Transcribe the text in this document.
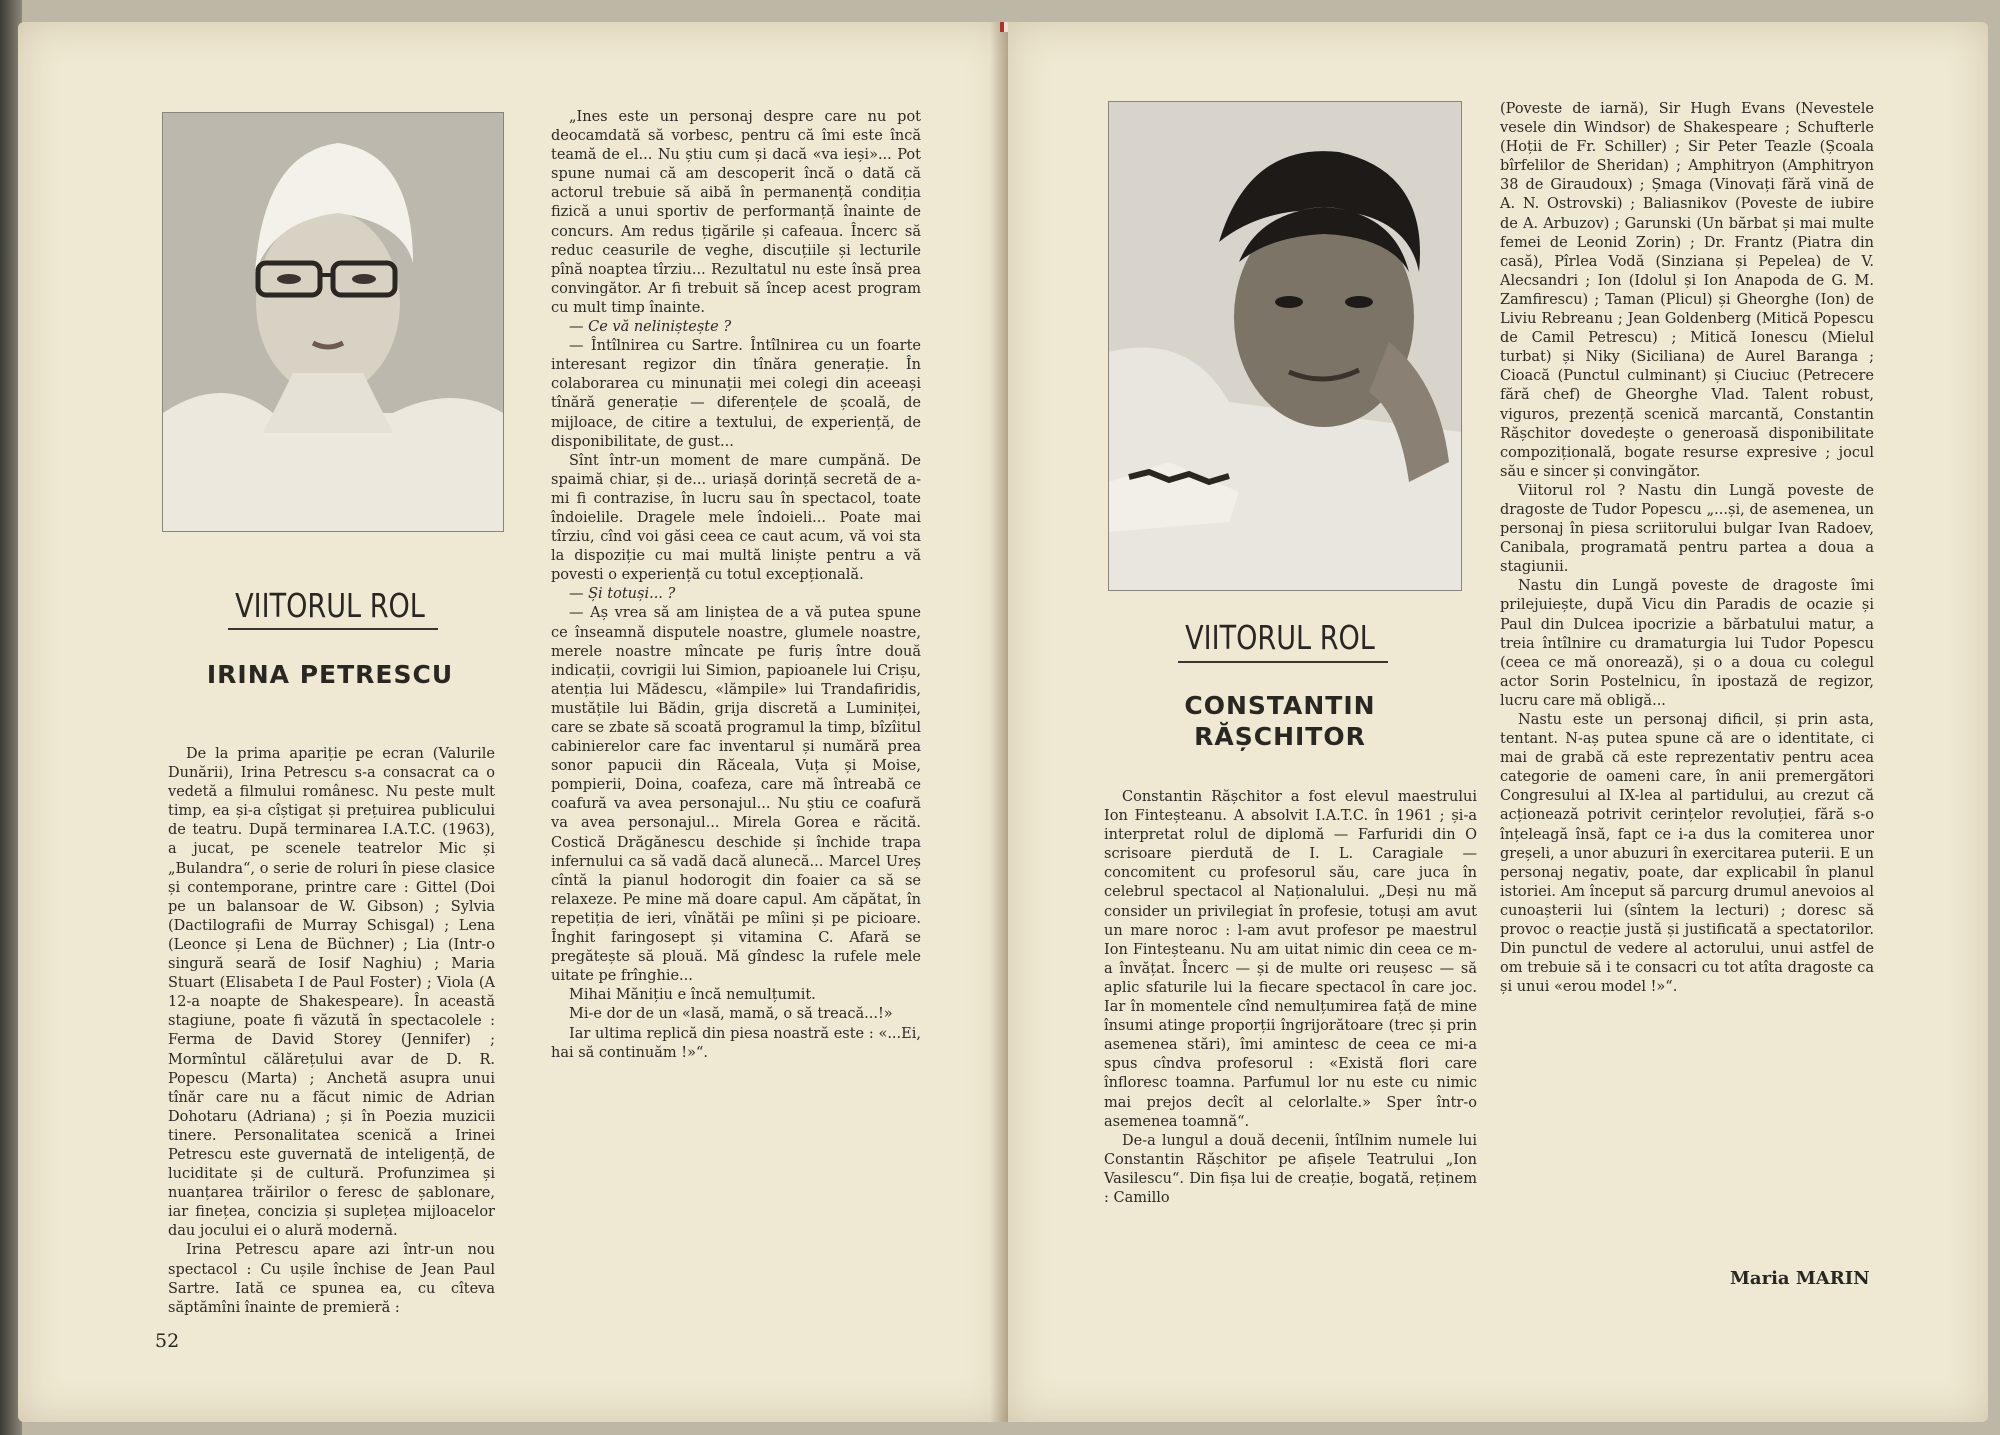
VIITORUL ROL
IRINA PETRESCU

De la prima apariție pe ecran (Valurile Dunării), Irina Petrescu s-a consacrat ca o vedetă a filmului românesc. Nu peste mult timp, ea și-a cîștigat și prețuirea publicului de teatru. După terminarea I.A.T.C. (1963), a jucat, pe scenele teatrelor Mic și „Bulandra“, o serie de roluri în piese clasice și contemporane, printre care : Gittel (Doi pe un balansoar de W. Gibson) ; Sylvia (Dactilografii de Murray Schisgal) ; Lena (Leonce și Lena de Büchner) ; Lia (Intr-o singură seară de Iosif Naghiu) ; Maria Stuart (Elisabeta I de Paul Foster) ; Viola (A 12-a noapte de Shakespeare). În această stagiune, poate fi văzută în spectacolele : Ferma de David Storey (Jennifer) ; Mormîntul călărețului avar de D. R. Popescu (Marta) ; Anchetă asupra unui tînăr care nu a făcut nimic de Adrian Dohotaru (Adriana) ; și în Poezia muzicii tinere. Personalitatea scenică a Irinei Petrescu este guvernată de inteligență, de luciditate și de cultură. Profunzimea și nuanțarea trăirilor o feresc de șablonare, iar finețea, concizia și suplețea mijloacelor dau jocului ei o alură modernă.

Irina Petrescu apare azi într-un nou spectacol : Cu ușile închise de Jean Paul Sartre. Iată ce spunea ea, cu cîteva săptămîni înainte de premieră :

„Ines este un personaj despre care nu pot deocamdată să vorbesc, pentru că îmi este încă teamă de el... Nu știu cum și dacă «va ieși»... Pot spune numai că am descoperit încă o dată că actorul trebuie să aibă în permanență condiția fizică a unui sportiv de performanță înainte de concurs. Am redus țigările și cafeaua. Încerc să reduc ceasurile de veghe, discuțiile și lecturile pînă noaptea tîrziu... Rezultatul nu este însă prea convingător. Ar fi trebuit să încep acest program cu mult timp înainte.

— Ce vă neliniștește ?

— Întîlnirea cu Sartre. Întîlnirea cu un foarte interesant regizor din tînăra generație. În colaborarea cu minunații mei colegi din aceeași tînără generație — diferențele de școală, de mijloace, de citire a textului, de experiență, de disponibilitate, de gust...

Sînt într-un moment de mare cumpănă. De spaimă chiar, și de... uriașă dorință secretă de a-mi fi contrazise, în lucru sau în spectacol, toate îndoielile. Dragele mele îndoieli... Poate mai tîrziu, cînd voi găsi ceea ce caut acum, vă voi sta la dispoziție cu mai multă liniște pentru a vă povesti o experiență cu totul excepțională.

— Și totuși... ?

— Aș vrea să am liniștea de a vă putea spune ce înseamnă disputele noastre, glumele noastre, merele noastre mîncate pe furiș între două indicații, covrigii lui Simion, papioanele lui Crișu, atenția lui Mădescu, «lămpile» lui Trandafiridis, mustățile lui Bădin, grija discretă a Luminiței, care se zbate să scoată programul la timp, bîzîitul cabinierelor care fac inventarul și numără prea sonor papucii din Răceala, Vuța și Moise, pompierii, Doina, coafeza, care mă întreabă ce coafură va avea personajul... Nu știu ce coafură va avea personajul... Mirela Gorea e răcită. Costică Drăgănescu deschide și închide trapa infernului ca să vadă dacă alunecă... Marcel Ureș cîntă la pianul hodorogit din foaier ca să se relaxeze. Pe mine mă doare capul. Am căpătat, în repetiția de ieri, vînătăi pe mîini și pe picioare. Înghit faringosept și vitamina C. Afară se pregătește să plouă. Mă gîndesc la rufele mele uitate pe frînghie...

Mihai Mănițiu e încă nemulțumit.

Mi-e dor de un «lasă, mamă, o să treacă...!»

Iar ultima replică din piesa noastră este : «...Ei, hai să continuăm !»“.

52
VIITORUL ROL
CONSTANTIN
RĂȘCHITOR

Constantin Rășchitor a fost elevul maestrului Ion Finteșteanu. A absolvit I.A.T.C. în 1961 ; și-a interpretat rolul de diplomă — Farfuridi din O scrisoare pierdută de I. L. Caragiale — concomitent cu profesorul său, care juca în celebrul spectacol al Naționalului. „Deși nu mă consider un privilegiat în profesie, totuși am avut un mare noroc : l-am avut profesor pe maestrul Ion Finteșteanu. Nu am uitat nimic din ceea ce m-a învățat. Încerc — și de multe ori reușesc — să aplic sfaturile lui la fiecare spectacol în care joc. Iar în momentele cînd nemulțumirea față de mine însumi atinge proporții îngrijorătoare (trec și prin asemenea stări), îmi amintesc de ceea ce mi-a spus cîndva profesorul : «Există flori care înfloresc toamna. Parfumul lor nu este cu nimic mai prejos decît al celorlalte.» Sper într-o asemenea toamnă“.

De-a lungul a două decenii, întîlnim numele lui Constantin Rășchitor pe afișele Teatrului „Ion Vasilescu“. Din fișa lui de creație, bogată, reținem : Camillo

(Poveste de iarnă), Sir Hugh Evans (Nevestele vesele din Windsor) de Shakespeare ; Schufterle (Hoții de Fr. Schiller) ; Sir Peter Teazle (Școala bîrfelilor de Sheridan) ; Amphitryon (Amphitryon 38 de Giraudoux) ; Șmaga (Vinovați fără vină de A. N. Ostrovski) ; Baliasnikov (Poveste de iubire de A. Arbuzov) ; Garunski (Un bărbat și mai multe femei de Leonid Zorin) ; Dr. Frantz (Piatra din casă), Pîrlea Vodă (Sinziana și Pepelea) de V. Alecsandri ; Ion (Idolul și Ion Anapoda de G. M. Zamfirescu) ; Taman (Plicul) și Gheorghe (Ion) de Liviu Rebreanu ; Jean Goldenberg (Mitică Popescu de Camil Petrescu) ; Mitică Ionescu (Mielul turbat) și Niky (Siciliana) de Aurel Baranga ; Cioacă (Punctul culminant) și Ciuciuc (Petrecere fără chef) de Gheorghe Vlad. Talent robust, viguros, prezență scenică marcantă, Constantin Rășchitor dovedește o generoasă disponibilitate compozițională, bogate resurse expresive ; jocul său e sincer și convingător.

Viitorul rol ? Nastu din Lungă poveste de dragoste de Tudor Popescu „...și, de asemenea, un personaj în piesa scriitorului bulgar Ivan Radoev, Canibala, programată pentru partea a doua a stagiunii.

Nastu din Lungă poveste de dragoste îmi prilejuiește, după Vicu din Paradis de ocazie și Paul din Dulcea ipocrizie a bărbatului matur, a treia întîlnire cu dramaturgia lui Tudor Popescu (ceea ce mă onorează), și o a doua cu colegul actor Sorin Postelnicu, în ipostază de regizor, lucru care mă obligă...

Nastu este un personaj dificil, și prin asta, tentant. N-aș putea spune că are o identitate, ci mai de grabă că este reprezentativ pentru acea categorie de oameni care, în anii premergători Congresului al IX-lea al partidului, au crezut că acționează potrivit cerințelor revoluției, fără s-o înțeleagă însă, fapt ce i-a dus la comiterea unor greșeli, a unor abuzuri în exercitarea puterii. E un personaj negativ, poate, dar explicabil în planul istoriei. Am început să parcurg drumul anevoios al cunoașterii lui (sîntem la lecturi) ; doresc să provoc o reacție justă și justificată a spectatorilor. Din punctul de vedere al actorului, unui astfel de om trebuie să i te consacri cu tot atîta dragoste ca și unui «erou model !»“.

Maria MARIN
